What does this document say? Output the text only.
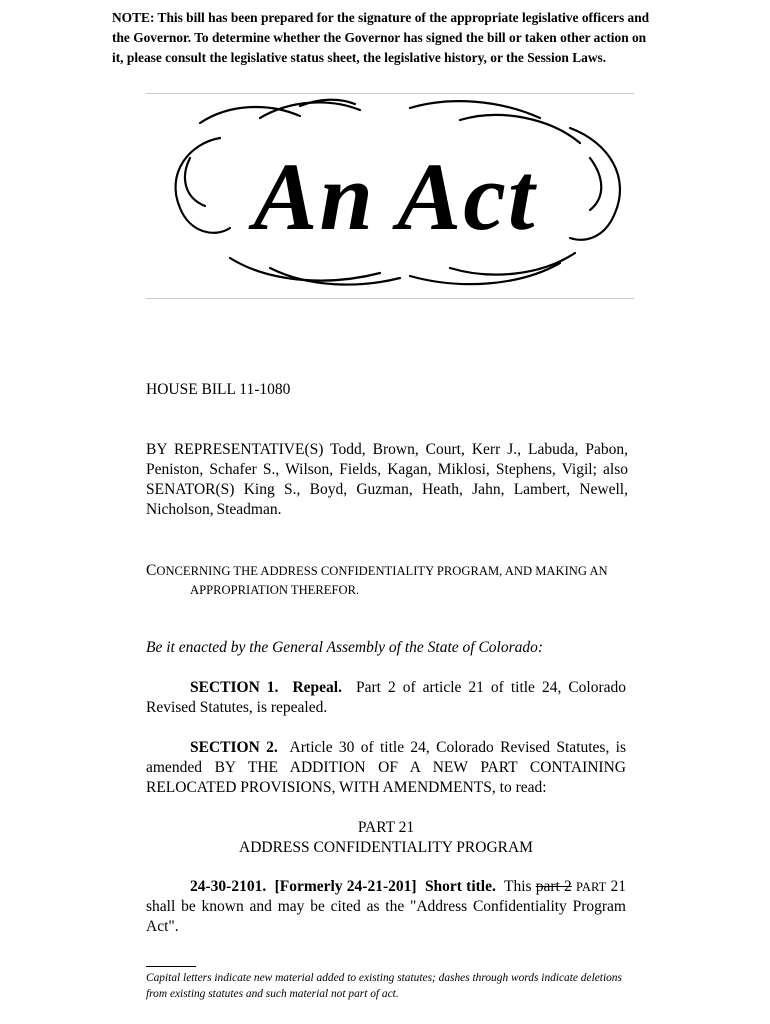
NOTE: This bill has been prepared for the signature of the appropriate legislative officers and the Governor. To determine whether the Governor has signed the bill or taken other action on it, please consult the legislative status sheet, the legislative history, or the Session Laws.
An Act
HOUSE BILL 11-1080
BY REPRESENTATIVE(S) Todd, Brown, Court, Kerr J., Labuda, Pabon, Peniston, Schafer S., Wilson, Fields, Kagan, Miklosi, Stephens, Vigil; also SENATOR(S) King S., Boyd, Guzman, Heath, Jahn, Lambert, Newell, Nicholson, Steadman.
CONCERNING THE ADDRESS CONFIDENTIALITY PROGRAM, AND MAKING AN
APPROPRIATION THEREFOR.
Be it enacted by the General Assembly of the State of Colorado:
SECTION 1. Repeal. Part 2 of article 21 of title 24, Colorado Revised Statutes, is repealed.
SECTION 2. Article 30 of title 24, Colorado Revised Statutes, is amended BY THE ADDITION OF A NEW PART CONTAINING RELOCATED PROVISIONS, WITH AMENDMENTS, to read:
PART 21
ADDRESS CONFIDENTIALITY PROGRAM
24-30-2101. [Formerly 24-21-201] Short title. This part 2 PART 21 shall be known and may be cited as the "Address Confidentiality Program Act".
Capital letters indicate new material added to existing statutes; dashes through words indicate deletions from existing statutes and such material not part of act.
